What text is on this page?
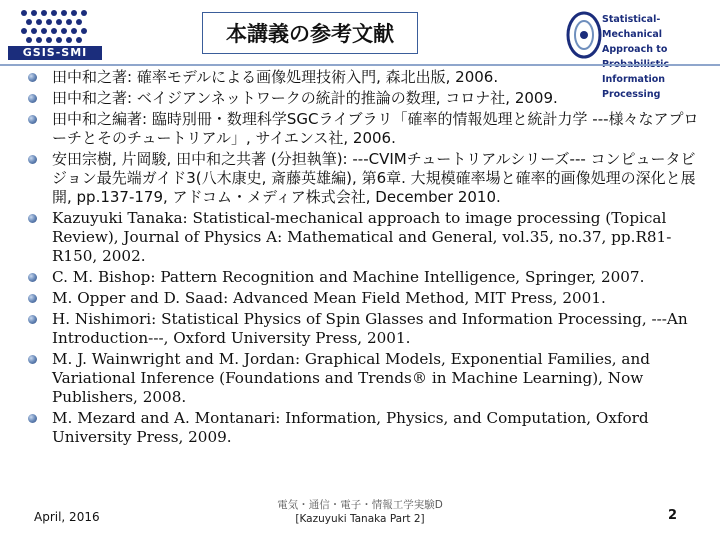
GSIS-SMI
本講義の参考文献
Statistical-Mechanical
Approach to
Information Processing
田中和之著: 確率モデルによる画像処理技術入門, 森北出版, 2006.
田中和之著: ベイジアンネットワークの統計的推論の数理, コロナ社, 2009.
田中和之編著: 臨時別冊・数理科学SGCライブラリ「確率的情報処理と統計力学 ---様々なアプローチとそのチュートリアル」, サイエンス社, 2006.
安田宗樹, 片岡駿, 田中和之共著 (分担執筆): ---CVIMチュートリアルシリーズ--- コンピュータビジョン最先端ガイド3(八木康史, 斎藤英雄編), 第6章. 大規模確率場と確率的画像処理の深化と展開, pp.137-179, アドコム・メディア株式会社, December 2010.
Kazuyuki Tanaka: Statistical-mechanical approach to image processing (Topical Review), Journal of Physics A: Mathematical and General, vol.35, no.37, pp.R81-R150, 2002.
C. M. Bishop: Pattern Recognition and Machine Intelligence, Springer, 2007.
M. Opper and D. Saad: Advanced Mean Field Method, MIT Press, 2001.
H. Nishimori: Statistical Physics of Spin Glasses and Information Processing, ---An Introduction---, Oxford University Press, 2001.
M. J. Wainwright and M. Jordan: Graphical Models, Exponential Families, and Variational Inference (Foundations and Trends® in Machine Learning), Now Publishers, 2008.
M. Mezard and A. Montanari: Information, Physics, and Computation, Oxford University Press, 2009.
April, 2016
電気・通信・電子・情報工学実験D
[Kazuyuki Tanaka Part 2]	2
